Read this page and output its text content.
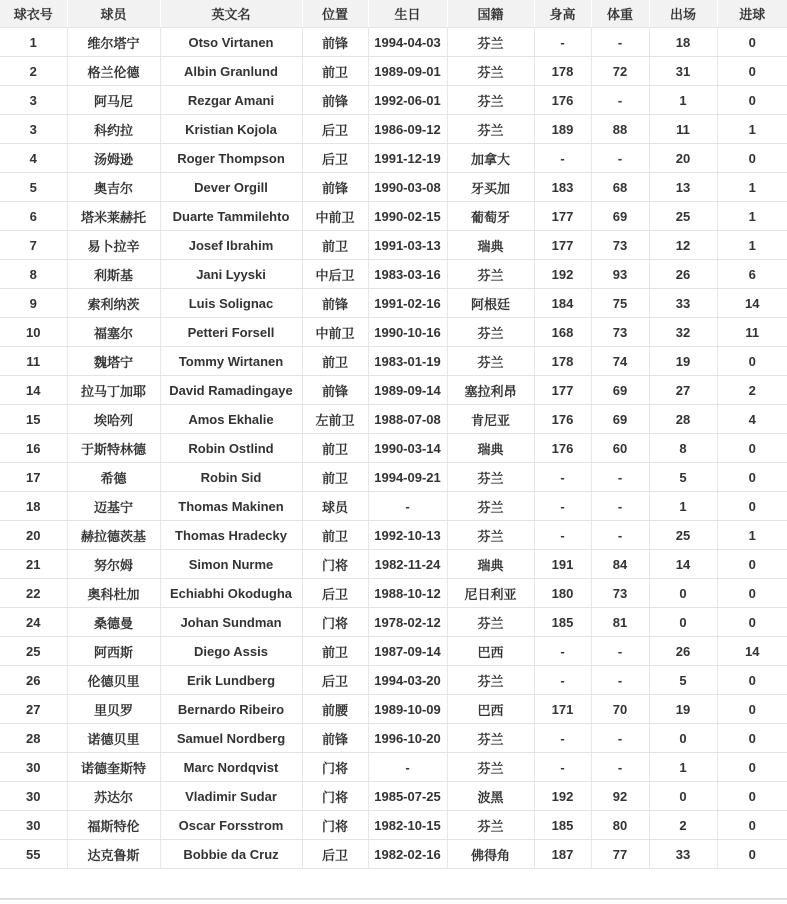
球衣号	球员	英文名	位置	生日	国籍	身高	体重	出场	进球
1	维尔塔宁	Otso Virtanen	前锋	1994-04-03	芬兰	-	-	18	0
2	格兰伦德	Albin Granlund	前卫	1989-09-01	芬兰	178	72	31	0
3	阿马尼	Rezgar Amani	前锋	1992-06-01	芬兰	176	-	1	0
3	科约拉	Kristian Kojola	后卫	1986-09-12	芬兰	189	88	11	1
4	汤姆逊	Roger Thompson	后卫	1991-12-19	加拿大	-	-	20	0
5	奥吉尔	Dever Orgill	前锋	1990-03-08	牙买加	183	68	13	1
6	塔米莱赫托	Duarte Tammilehto	中前卫	1990-02-15	葡萄牙	177	69	25	1
7	易卜拉辛	Josef Ibrahim	前卫	1991-03-13	瑞典	177	73	12	1
8	利斯基	Jani Lyyski	中后卫	1983-03-16	芬兰	192	93	26	6
9	索利纳茨	Luis Solignac	前锋	1991-02-16	阿根廷	184	75	33	14
10	福塞尔	Petteri Forsell	中前卫	1990-10-16	芬兰	168	73	32	11
11	魏塔宁	Tommy Wirtanen	前卫	1983-01-19	芬兰	178	74	19	0
14	拉马丁加耶	David Ramadingaye	前锋	1989-09-14	塞拉利昂	177	69	27	2
15	埃哈列	Amos Ekhalie	左前卫	1988-07-08	肯尼亚	176	69	28	4
16	于斯特林德	Robin Ostlind	前卫	1990-03-14	瑞典	176	60	8	0
17	希德	Robin Sid	前卫	1994-09-21	芬兰	-	-	5	0
18	迈基宁	Thomas Makinen	球员	-	芬兰	-	-	1	0
20	赫拉德茨基	Thomas Hradecky	前卫	1992-10-13	芬兰	-	-	25	1
21	努尔姆	Simon Nurme	门将	1982-11-24	瑞典	191	84	14	0
22	奥科杜加	Echiabhi Okodugha	后卫	1988-10-12	尼日利亚	180	73	0	0
24	桑德曼	Johan Sundman	门将	1978-02-12	芬兰	185	81	0	0
25	阿西斯	Diego Assis	前卫	1987-09-14	巴西	-	-	26	14
26	伦德贝里	Erik Lundberg	后卫	1994-03-20	芬兰	-	-	5	0
27	里贝罗	Bernardo Ribeiro	前腰	1989-10-09	巴西	171	70	19	0
28	诺德贝里	Samuel Nordberg	前锋	1996-10-20	芬兰	-	-	0	0
30	诺德奎斯特	Marc Nordqvist	门将	-	芬兰	-	-	1	0
30	苏达尔	Vladimir Sudar	门将	1985-07-25	波黑	192	92	0	0
30	福斯特伦	Oscar Forsstrom	门将	1982-10-15	芬兰	185	80	2	0
55	达克鲁斯	Bobbie da Cruz	后卫	1982-02-16	佛得角	187	77	33	0
